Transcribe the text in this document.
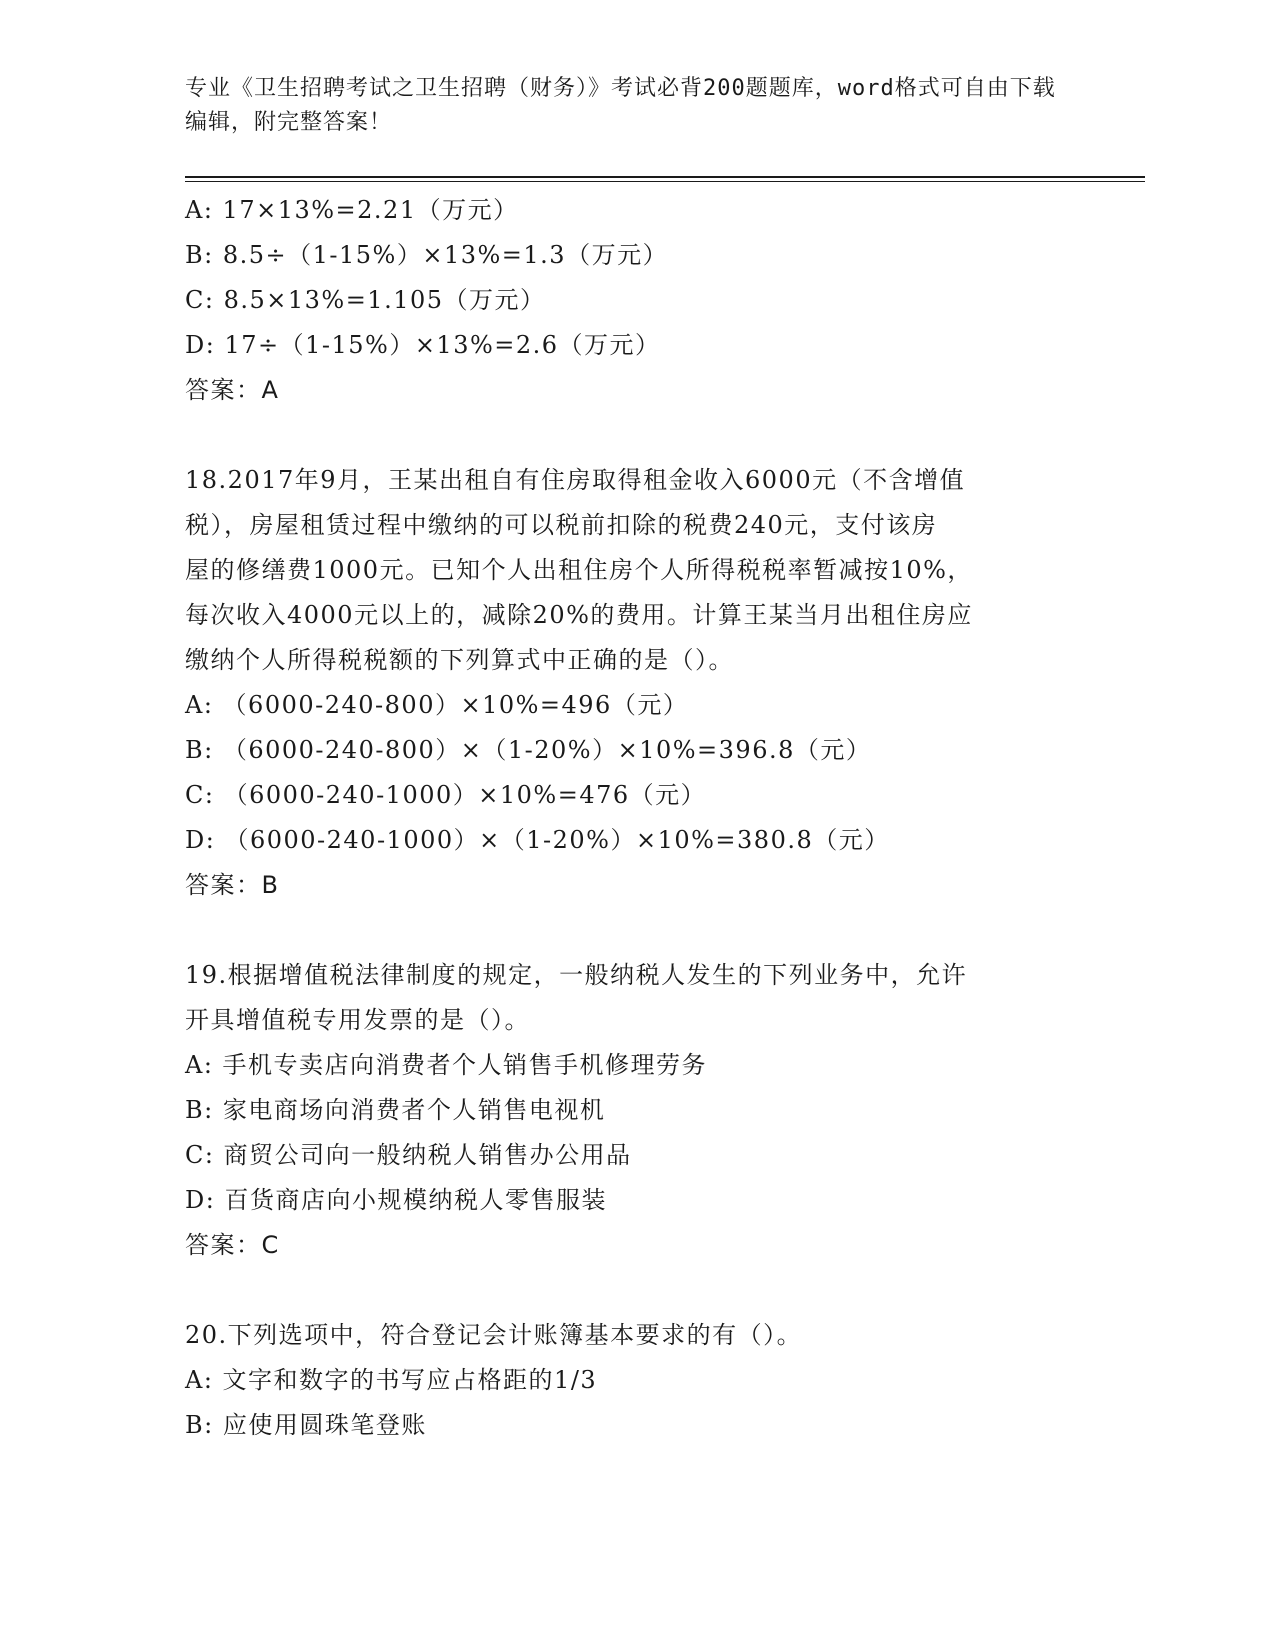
专业《卫生招聘考试之卫生招聘（财务）》考试必背200题题库，word格式可自由下载编辑，附完整答案！
A: 17×13%=2.21（万元）
B: 8.5÷（1-15%）×13%=1.3（万元）
C: 8.5×13%=1.105（万元）
D: 17÷（1-15%）×13%=2.6（万元）
答案：A
18.2017年9月，王某出租自有住房取得租金收入6000元（不含增值
税），房屋租赁过程中缴纳的可以税前扣除的税费240元，支付该房
屋的修缮费1000元。已知个人出租住房个人所得税税率暂减按10%，
每次收入4000元以上的，减除20%的费用。计算王某当月出租住房应
缴纳个人所得税税额的下列算式中正确的是（）。
A: （6000-240-800）×10%=496（元）
B: （6000-240-800）×（1-20%）×10%=396.8（元）
C: （6000-240-1000）×10%=476（元）
D: （6000-240-1000）×（1-20%）×10%=380.8（元）
答案：B
19.根据增值税法律制度的规定，一般纳税人发生的下列业务中，允许
开具增值税专用发票的是（）。
A: 手机专卖店向消费者个人销售手机修理劳务
B: 家电商场向消费者个人销售电视机
C: 商贸公司向一般纳税人销售办公用品
D: 百货商店向小规模纳税人零售服装
答案：C
20.下列选项中，符合登记会计账簿基本要求的有（）。
A: 文字和数字的书写应占格距的1/3
B: 应使用圆珠笔登账
